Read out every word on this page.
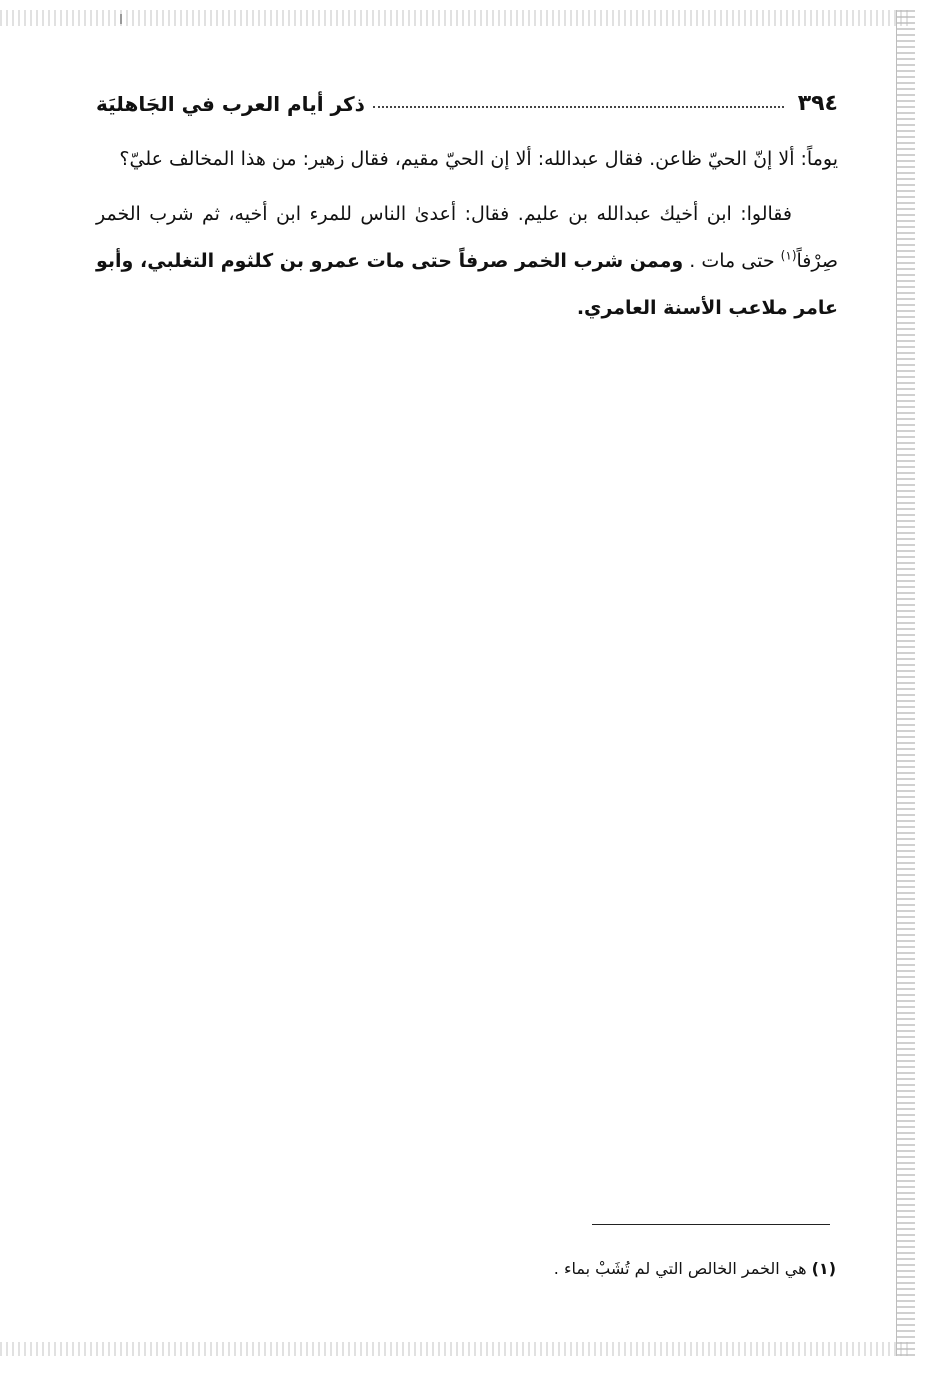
٣٩٤
ذكر أيام العرب في الجَاهليَة

يوماً: ألا إنّ الحيّ ظاعن. فقال عبدالله: ألا إن الحيّ مقيم، فقال زهير: من هذا المخالف عليّ؟

فقالوا: ابن أخيك عبدالله بن عليم. فقال: أعدىٰ الناس للمرء ابن أخيه، ثم شرب الخمر صِرْفاً$^{(١)}$ حتى مات . وممن شرب الخمر صرفاً حتى مات عمرو بن كلثوم التغلبي، وأبو عامر ملاعب الأسنة العامري.

(١) هي الخمر الخالص التي لم تُشَبْ بماء .
